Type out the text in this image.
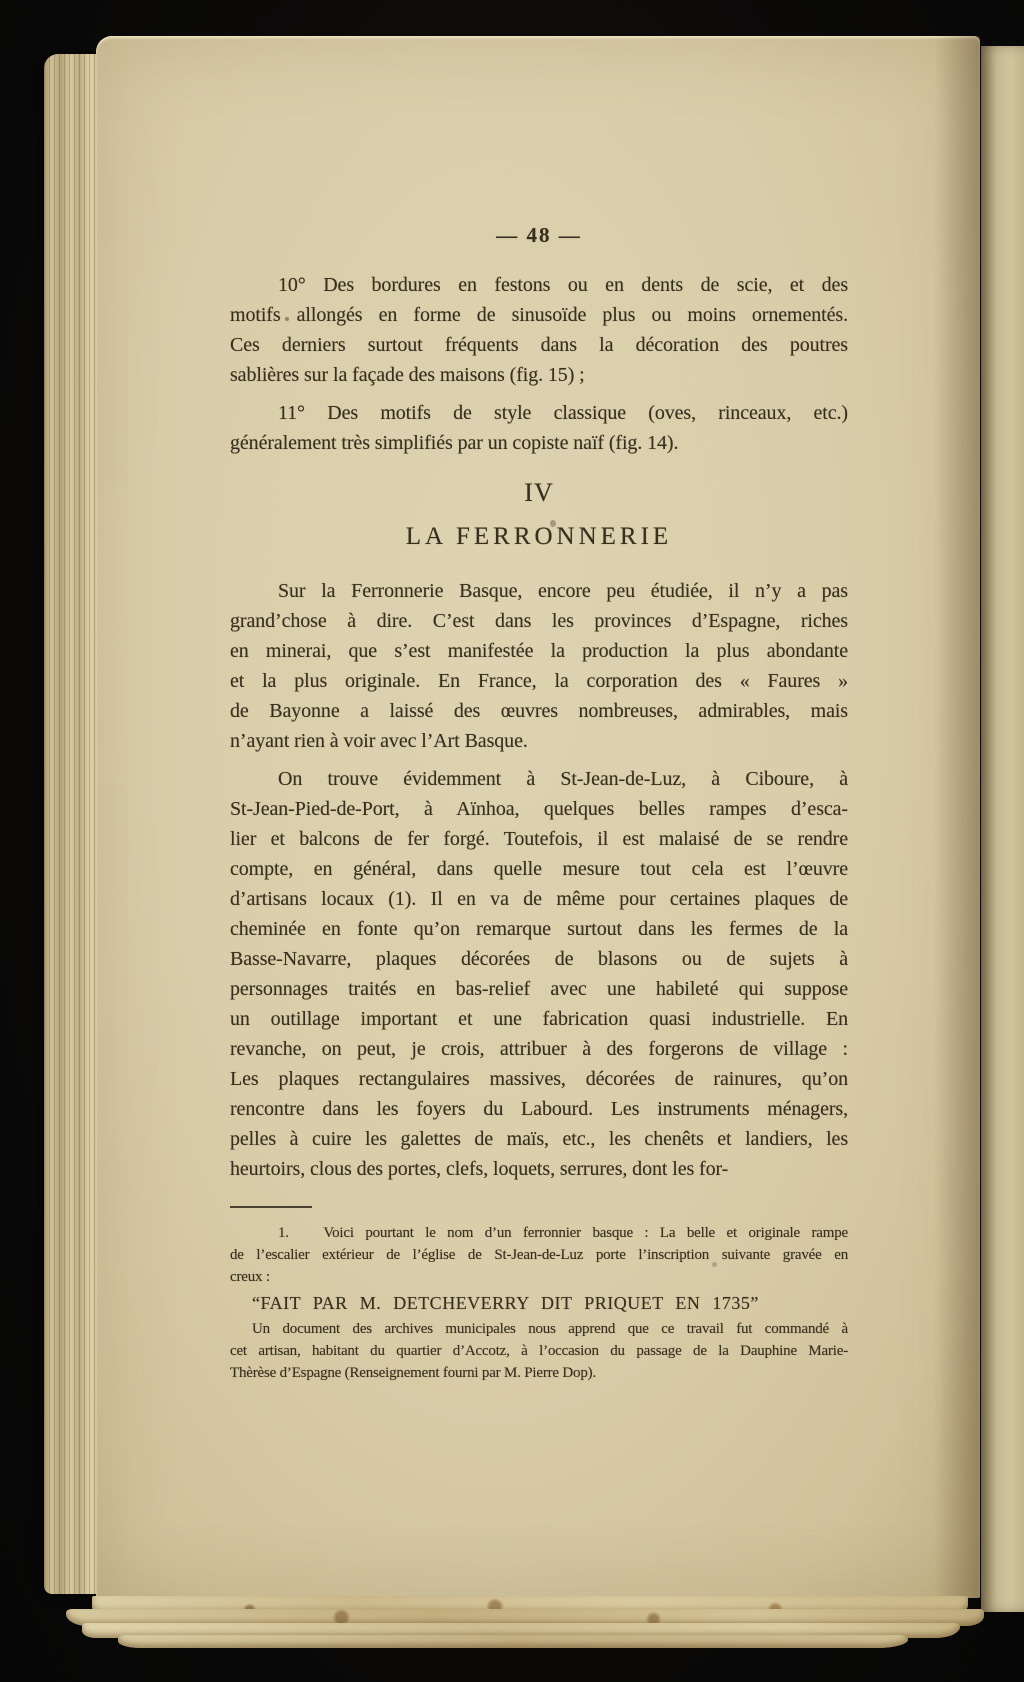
— 48 —
10° Des bordures en festons ou en dents de scie, et des
motifs allongés en forme de sinusoïde plus ou moins ornementés.
Ces derniers surtout fréquents dans la décoration des poutres
sablières sur la façade des maisons (fig. 15) ;
11° Des motifs de style classique (oves, rinceaux, etc.)
généralement très simplifiés par un copiste naïf (fig. 14).
IV
LA FERRONNERIE
Sur la Ferronnerie Basque, encore peu étudiée, il n’y a pas
grand’chose à dire. C’est dans les provinces d’Espagne, riches
en minerai, que s’est manifestée la production la plus abondante
et la plus originale. En France, la corporation des « Faures »
de Bayonne a laissé des œuvres nombreuses, admirables, mais
n’ayant rien à voir avec l’Art Basque.
On trouve évidemment à St-Jean-de-Luz, à Ciboure, à
St-Jean-Pied-de-Port, à Aïnhoa, quelques belles rampes d’esca-
lier et balcons de fer forgé. Toutefois, il est malaisé de se rendre
compte, en général, dans quelle mesure tout cela est l’œuvre
d’artisans locaux (1). Il en va de même pour certaines plaques de
cheminée en fonte qu’on remarque surtout dans les fermes de la
Basse-Navarre, plaques décorées de blasons ou de sujets à
personnages traités en bas-relief avec une habileté qui suppose
un outillage important et une fabrication quasi industrielle. En
revanche, on peut, je crois, attribuer à des forgerons de village :
Les plaques rectangulaires massives, décorées de rainures, qu’on
rencontre dans les foyers du Labourd. Les instruments ménagers,
pelles à cuire les galettes de maïs, etc., les chenêts et landiers, les
heurtoirs, clous des portes, clefs, loquets, serrures, dont les for-
1.   Voici pourtant le nom d’un ferronnier basque : La belle et originale rampe
de l’escalier extérieur de l’église de St-Jean-de-Luz porte l’inscription suivante gravée en
creux :
“FAIT PAR M. DETCHEVERRY DIT PRIQUET EN 1735”
Un document des archives municipales nous apprend que ce travail fut commandé à
cet artisan, habitant du quartier d’Accotz, à l’occasion du passage de la Dauphine Marie-
Thèrèse d’Espagne (Renseignement fourni par M. Pierre Dop).
